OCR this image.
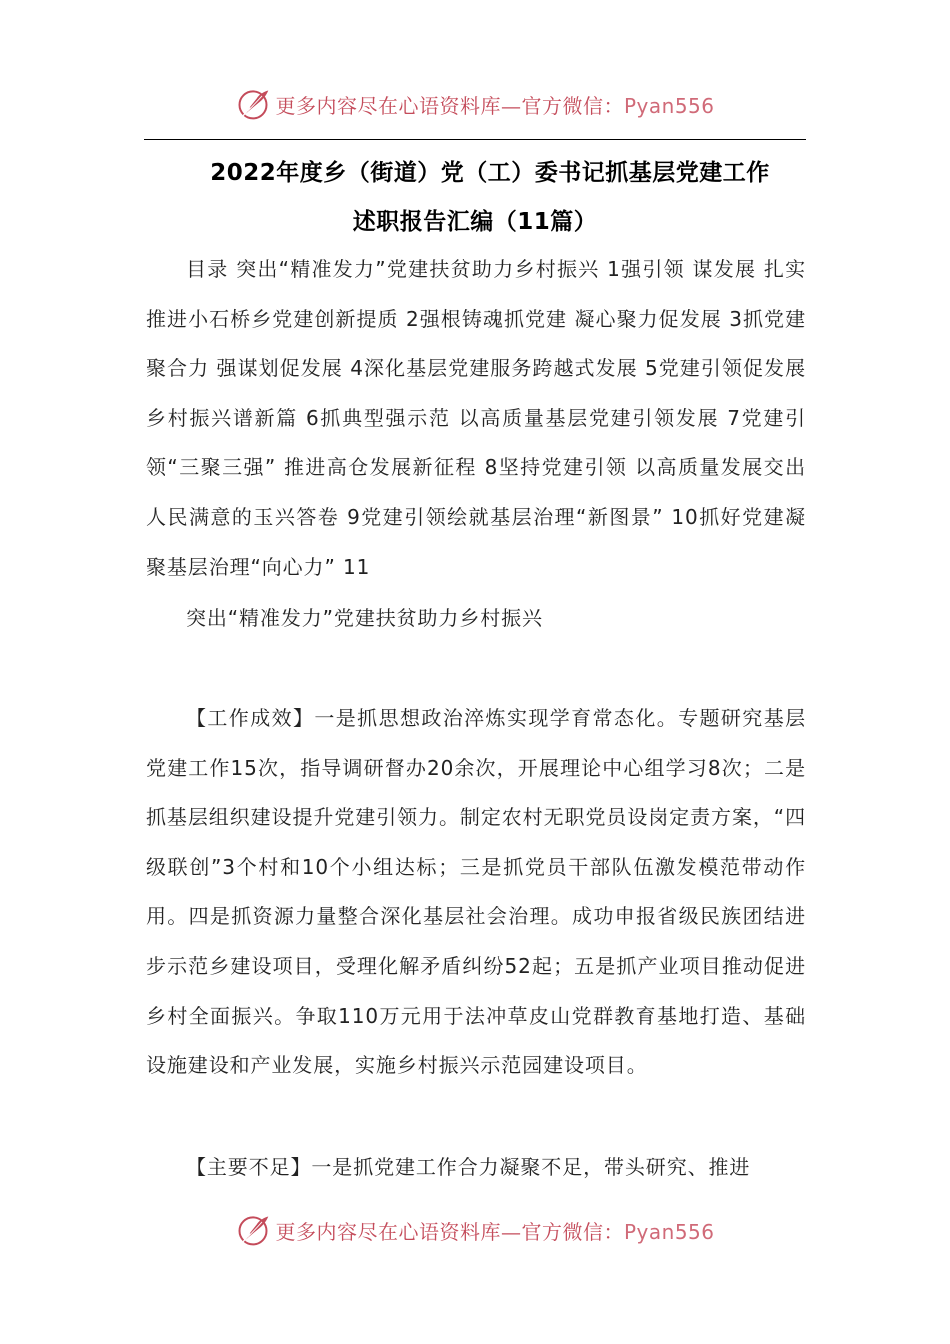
更多内容尽在心语资料库—官方微信：Pyan556
2022年度乡（街道）党（工）委书记抓基层党建工作
述职报告汇编（11篇）
目录 突出“精准发力”党建扶贫助力乡村振兴 1强引领 谋发展 扎实推进小石桥乡党建创新提质 2强根铸魂抓党建 凝心聚力促发展 3抓党建聚合力 强谋划促发展 4深化基层党建服务跨越式发展 5党建引领促发展 乡村振兴谱新篇 6抓典型强示范 以高质量基层党建引领发展 7党建引领“三聚三强” 推进高仓发展新征程 8坚持党建引领 以高质量发展交出人民满意的玉兴答卷 9党建引领绘就基层治理“新图景” 10抓好党建凝聚基层治理“向心力” 11
突出“精准发力”党建扶贫助力乡村振兴
【工作成效】一是抓思想政治淬炼实现学育常态化。专题研究基层党建工作15次，指导调研督办20余次，开展理论中心组学习8次；二是抓基层组织建设提升党建引领力。制定农村无职党员设岗定责方案，“四级联创”3个村和10个小组达标；三是抓党员干部队伍激发模范带动作用。四是抓资源力量整合深化基层社会治理。成功申报省级民族团结进步示范乡建设项目，受理化解矛盾纠纷52起；五是抓产业项目推动促进乡村全面振兴。争取110万元用于法冲草皮山党群教育基地打造、基础设施建设和产业发展，实施乡村振兴示范园建设项目。
【主要不足】一是抓党建工作合力凝聚不足，带头研究、推进
更多内容尽在心语资料库—官方微信：Pyan556
